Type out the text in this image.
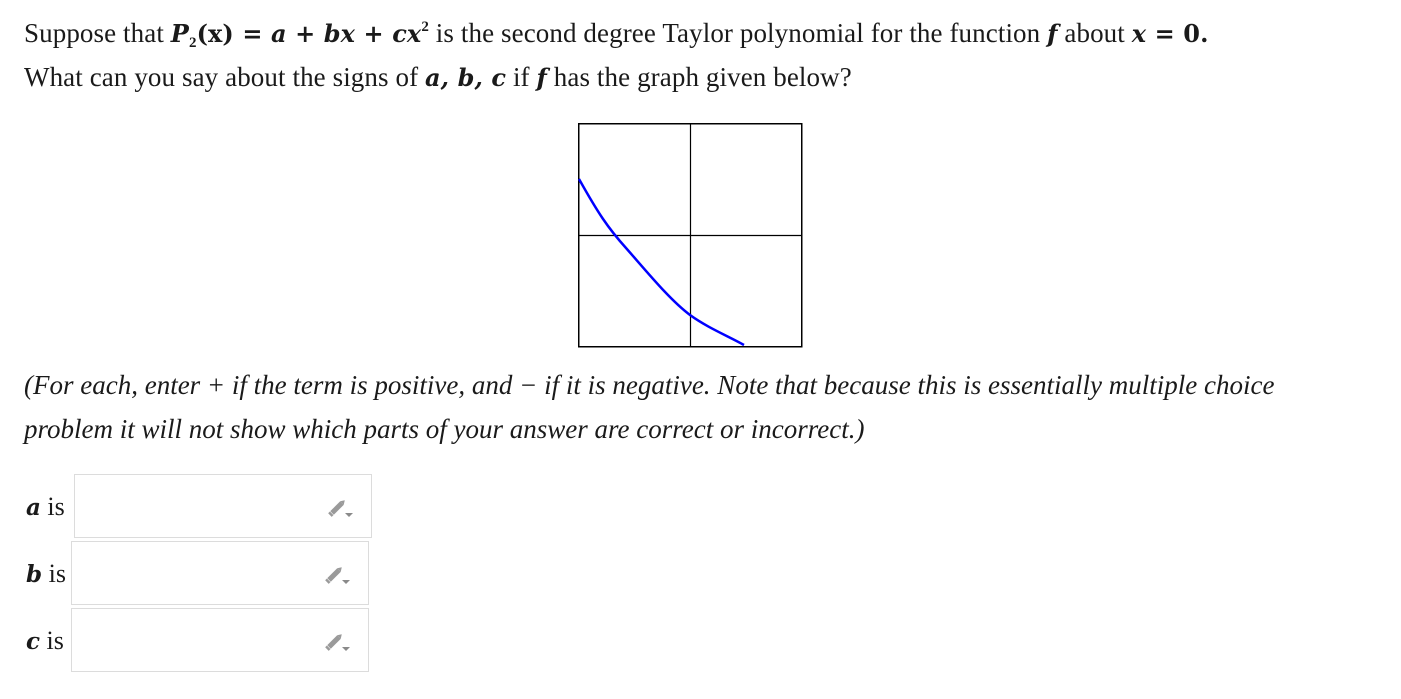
Suppose that $P_2(x) = a$ + bx + $cx^2$ is the second degree Taylor polynomial for the function f about x = 0.
What can you say about the signs of a, b, c if f has the graph given below?
(For each, enter + if the term is positive, and − if it is negative. Note that because this is essentially multiple choice
problem it will not show which parts of your answer are correct or incorrect.)
a is
b is
c is
